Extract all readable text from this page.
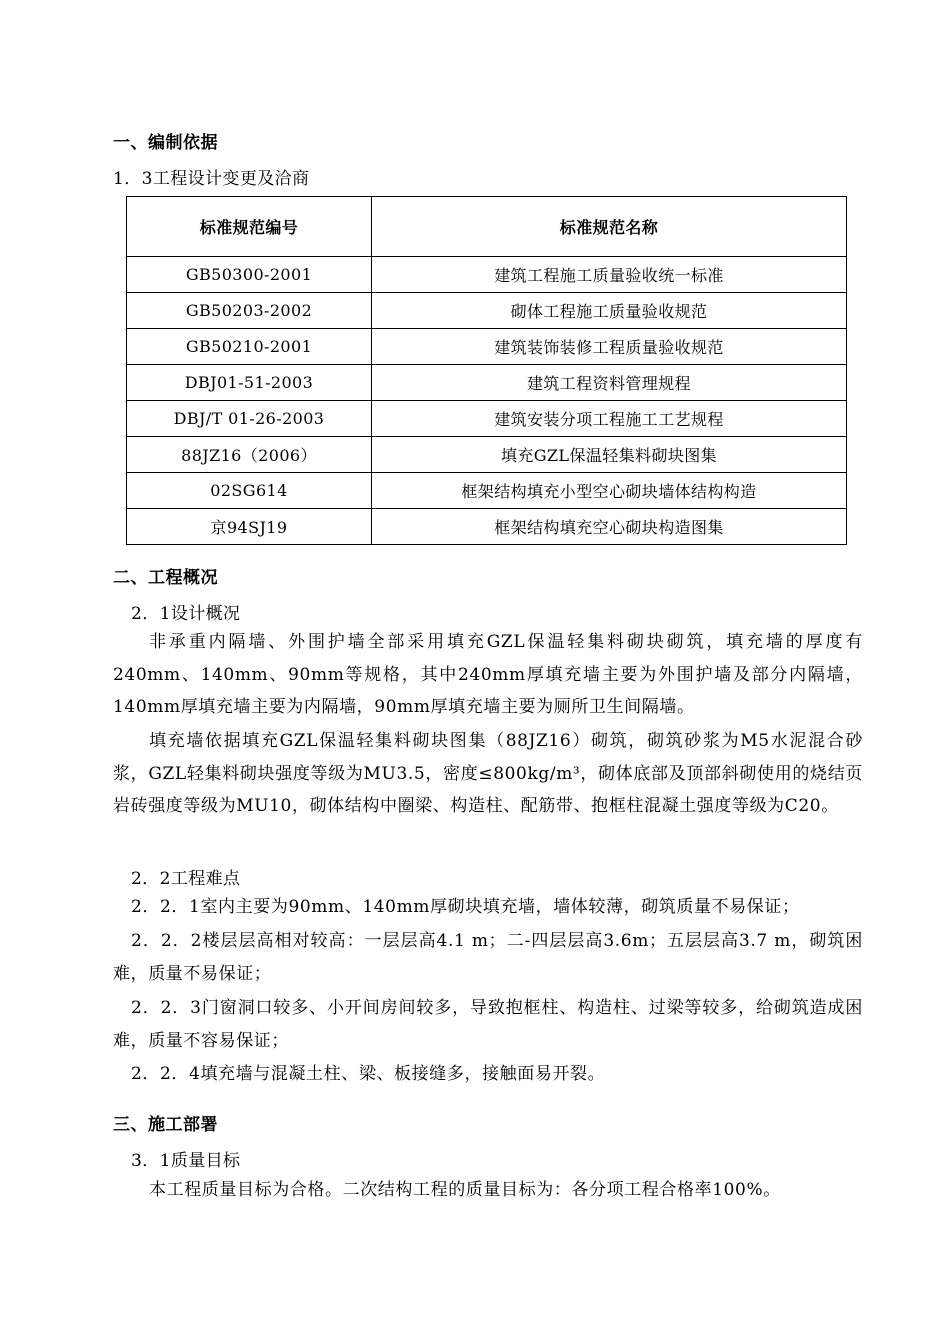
一、编制依据
1．3工程设计变更及洽商
标准规范编号	标准规范名称
GB50300-2001	建筑工程施工质量验收统一标准
GB50203-2002	砌体工程施工质量验收规范
GB50210-2001	建筑装饰装修工程质量验收规范
DBJ01-51-2003	建筑工程资料管理规程
DBJ/T 01-26-2003	建筑安装分项工程施工工艺规程
88JZ16（2006）	填充GZL保温轻集料砌块图集
02SG614	框架结构填充小型空心砌块墙体结构构造
京94SJ19	框架结构填充空心砌块构造图集
二、工程概况
2．1设计概况
非承重内隔墙、外围护墙全部采用填充GZL保温轻集料砌块砌筑，填充墙的厚度有240mm、140mm、90mm等规格，其中240mm厚填充墙主要为外围护墙及部分内隔墙，140mm厚填充墙主要为内隔墙，90mm厚填充墙主要为厕所卫生间隔墙。
填充墙依据填充GZL保温轻集料砌块图集（88JZ16）砌筑，砌筑砂浆为M5水泥混合砂浆，GZL轻集料砌块强度等级为MU3.5，密度≤800kg/m³，砌体底部及顶部斜砌使用的烧结页岩砖强度等级为MU10，砌体结构中圈梁、构造柱、配筋带、抱框柱混凝土强度等级为C20。
2．2工程难点
2．2．1室内主要为90mm、140mm厚砌块填充墙，墙体较薄，砌筑质量不易保证；
2．2．2楼层层高相对较高：一层层高4.1 m；二-四层层高3.6m；五层层高3.7 m，砌筑困难，质量不易保证；
2．2．3门窗洞口较多、小开间房间较多，导致抱框柱、构造柱、过梁等较多，给砌筑造成困难，质量不容易保证；
2．2．4填充墙与混凝土柱、梁、板接缝多，接触面易开裂。
三、施工部署
3．1质量目标
本工程质量目标为合格。二次结构工程的质量目标为：各分项工程合格率100%。
